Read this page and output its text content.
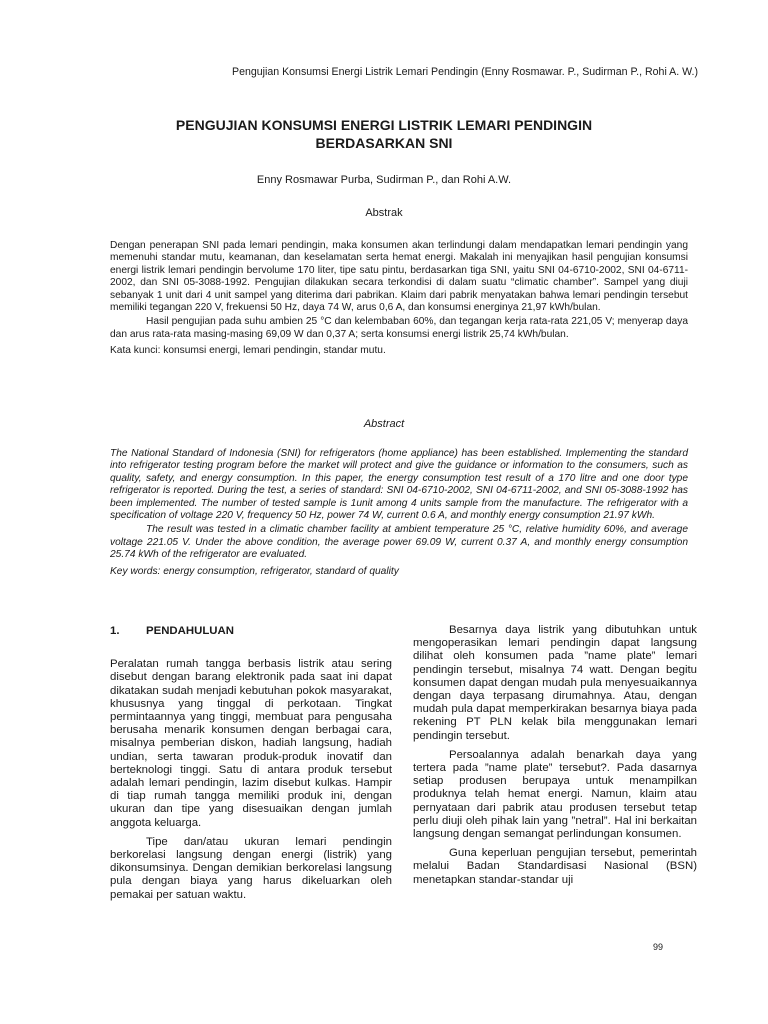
Pengujian Konsumsi Energi Listrik Lemari Pendingin (Enny Rosmawar. P., Sudirman P., Rohi A. W.)
PENGUJIAN KONSUMSI ENERGI LISTRIK LEMARI PENDINGIN
BERDASARKAN SNI
Enny Rosmawar Purba, Sudirman P., dan Rohi A.W.
Abstrak

Dengan penerapan SNI pada lemari pendingin, maka konsumen akan terlindungi dalam mendapatkan lemari pendingin yang memenuhi standar mutu, keamanan, dan keselamatan serta hemat energi. Makalah ini menyajikan hasil pengujian konsumsi energi listrik lemari pendingin bervolume 170 liter, tipe satu pintu, berdasarkan tiga SNI, yaitu SNI 04-6710-2002, SNI 04-6711-2002, dan SNI 05-3088-1992. Pengujian dilakukan secara terkondisi di dalam suatu “climatic chamber”. Sampel yang diuji sebanyak 1 unit dari 4 unit sampel yang diterima dari pabrikan. Klaim dari pabrik menyatakan bahwa lemari pendingin tersebut memiliki tegangan 220 V, frekuensi 50 Hz, daya 74 W, arus 0,6 A, dan konsumsi energinya 21,97 kWh/bulan.

Hasil pengujian pada suhu ambien 25 °C dan kelembaban 60%, dan tegangan kerja rata-rata 221,05 V; menyerap daya dan arus rata-rata masing-masing 69,09 W dan 0,37 A; serta konsumsi energi listrik 25,74 kWh/bulan.

Kata kunci: konsumsi energi, lemari pendingin, standar mutu.

Abstract

The National Standard of Indonesia (SNI) for refrigerators (home appliance) has been established. Implementing the standard into refrigerator testing program before the market will protect and give the guidance or information to the consumers, such as quality, safety, and energy consumption. In this paper, the energy consumption test result of a 170 litre and one door type refrigerator is reported. During the test, a series of standard: SNI 04-6710-2002, SNI 04-6711-2002, and SNI 05-3088-1992 has been implemented. The number of tested sample is 1unit among 4 units sample from the manufacture. The refrigerator with a specification of voltage 220 V, frequency 50 Hz, power 74 W, current 0.6 A, and monthly energy consumption 21.97 kWh.

The result was tested in a climatic chamber facility at ambient temperature 25 °C, relative humidity 60%, and average voltage 221.05 V. Under the above condition, the average power 69.09 W, current 0.37 A, and monthly energy consumption 25.74 kWh of the refrigerator are evaluated.

Key words: energy consumption, refrigerator, standard of quality

1. PENDAHULUAN

Peralatan rumah tangga berbasis listrik atau sering disebut dengan barang elektronik pada saat ini dapat dikatakan sudah menjadi kebutuhan pokok masyarakat, khususnya yang tinggal di perkotaan. Tingkat permintaannya yang tinggi, membuat para pengusaha berusaha menarik konsumen dengan berbagai cara, misalnya pemberian diskon, hadiah langsung, hadiah undian, serta tawaran produk-produk inovatif dan berteknologi tinggi. Satu di antara produk tersebut adalah lemari pendingin, lazim disebut kulkas. Hampir di tiap rumah tangga memiliki produk ini, dengan ukuran dan tipe yang disesuaikan dengan jumlah anggota keluarga.

Tipe dan/atau ukuran lemari pendingin berkorelasi langsung dengan energi (listrik) yang dikonsumsinya. Dengan demikian berkorelasi langsung pula dengan biaya yang harus dikeluarkan oleh pemakai per satuan waktu.

Besarnya daya listrik yang dibutuhkan untuk mengoperasikan lemari pendingin dapat langsung dilihat oleh konsumen pada ”name plate” lemari pendingin tersebut, misalnya 74 watt. Dengan begitu konsumen dapat dengan mudah pula menyesuaikannya dengan daya terpasang dirumahnya. Atau, dengan mudah pula dapat memperkirakan besarnya biaya pada rekening PT PLN kelak bila menggunakan lemari pendingin tersebut.

Persoalannya adalah benarkah daya yang tertera pada ”name plate” tersebut?. Pada dasarnya setiap produsen berupaya untuk menampilkan produknya telah hemat energi. Namun, klaim atau pernyataan dari pabrik atau produsen tersebut tetap perlu diuji oleh pihak lain yang ”netral”. Hal ini berkaitan langsung dengan semangat perlindungan konsumen.

Guna keperluan pengujian tersebut, pemerintah melalui Badan Standardisasi Nasional (BSN) menetapkan standar-standar uji

99
